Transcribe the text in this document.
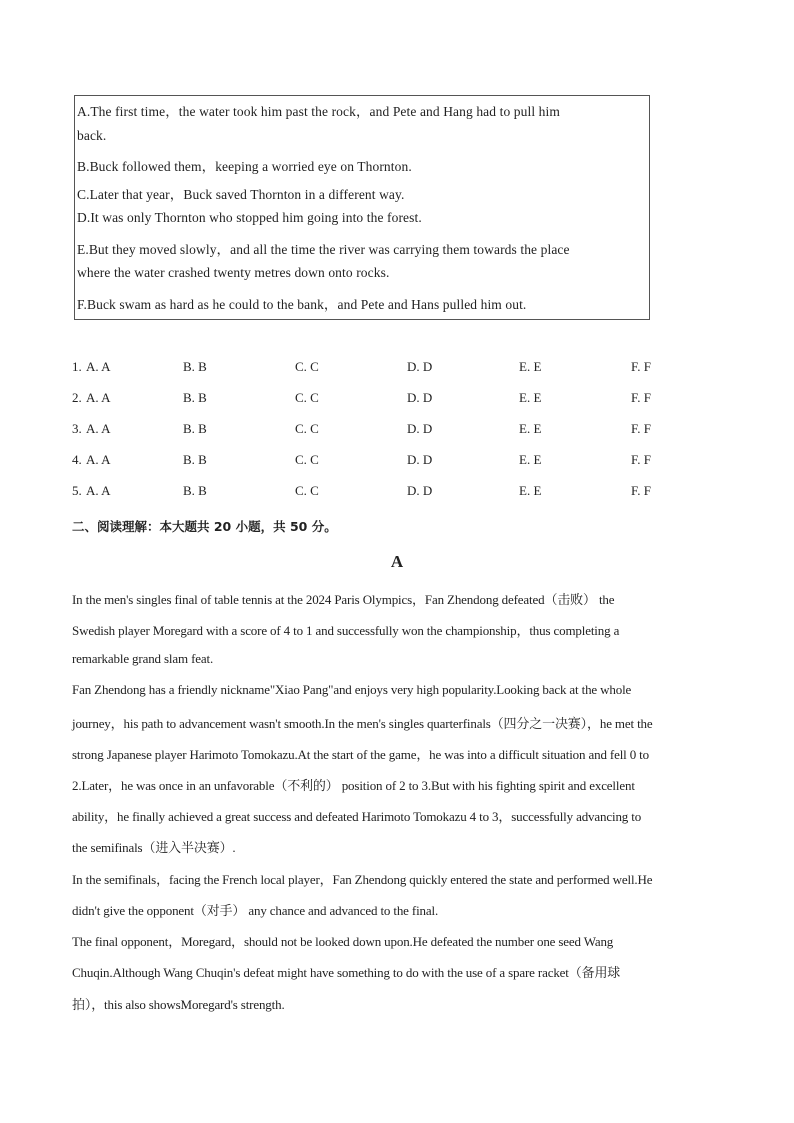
A.The first time，the water took him past the rock，and Pete and Hang had to pull him
back.
B.Buck followed them，keeping a worried eye on Thornton.
C.Later that year，Buck saved Thornton in a different way.
D.It was only Thornton who stopped him going into the forest.
E.But they moved slowly，and all the time the river was carrying them towards the place
where the water crashed twenty metres down onto rocks.
F.Buck swam as hard as he could to the bank，and Pete and Hans pulled him out.
1. A. A	B. B	C. C	D. D	E. E	F. F
2. A. A	B. B	C. C	D. D	E. E	F. F
3. A. A	B. B	C. C	D. D	E. E	F. F
4. A. A	B. B	C. C	D. D	E. E	F. F
5. A. A	B. B	C. C	D. D	E. E	F. F
二、阅读理解：本大题共 20 小题，共 50 分。
A
In the men's singles final of table tennis at the 2024 Paris Olympics，Fan Zhendong defeated（击败） the
Swedish player Moregard with a score of 4 to 1 and successfully won the championship，thus completing a
remarkable grand slam feat.
Fan Zhendong has a friendly nickname"Xiao Pang"and enjoys very high popularity.Looking back at the whole
journey，his path to advancement wasn't smooth.In the men's singles quarterfinals（四分之一决赛），he met the
strong Japanese player Harimoto Tomokazu.At the start of the game，he was into a difficult situation and fell 0 to
2.Later，he was once in an unfavorable（不利的） position of 2 to 3.But with his fighting spirit and excellent
ability，he finally achieved a great success and defeated Harimoto Tomokazu 4 to 3，successfully advancing to
the semifinals（进入半决赛）.
In the semifinals，facing the French local player，Fan Zhendong quickly entered the state and performed well.He
didn't give the opponent（对手） any chance and advanced to the final.
The final opponent，Moregard，should not be looked down upon.He defeated the number one seed Wang
Chuqin.Although Wang Chuqin's defeat might have something to do with the use of a spare racket（备用球
拍），this also showsMoregard's strength.
